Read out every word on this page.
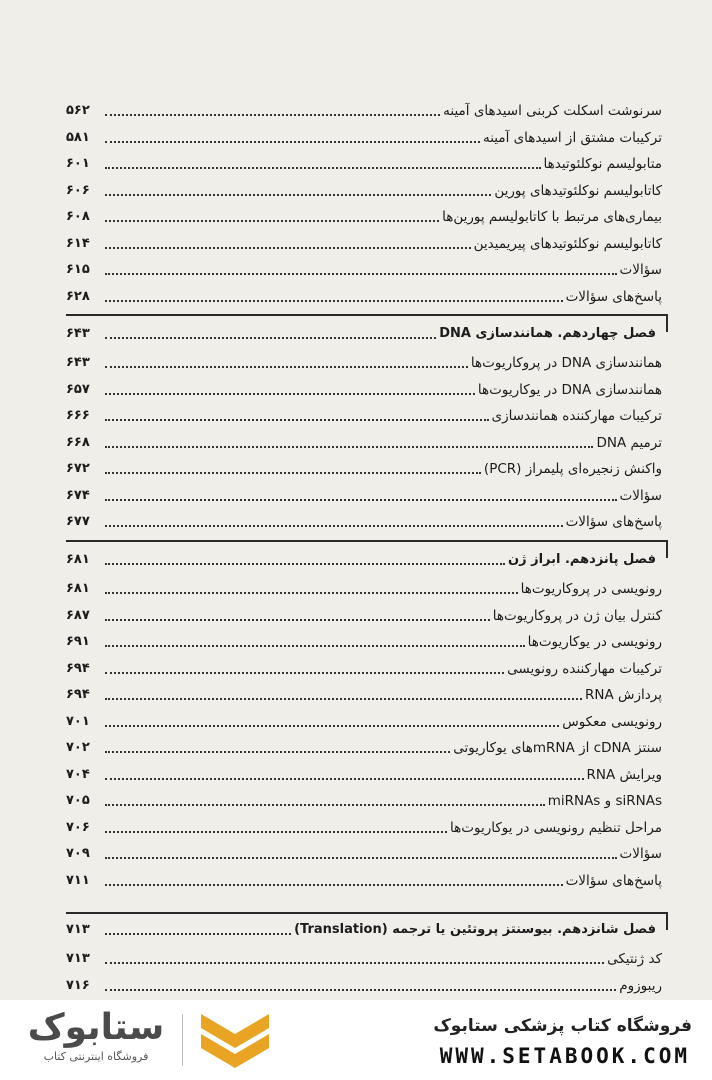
سرنوشت اسکلت کربنی اسیدهای آمینه
۵۶۲
ترکیبات مشتق از اسیدهای آمینه
۵۸۱
متابولیسم نوکلئوتیدها
۶۰۱
کاتابولیسم نوکلئوتیدهای پورین
۶۰۶
بیماری‌های مرتبط با کاتابولیسم پورین‌ها
۶۰۸
کاتابولیسم نوکلئوتیدهای پیریمیدین
۶۱۴
سؤالات
۶۱۵
پاسخ‌های سؤالات
۶۲۸
فصل چهاردهم. همانندسازی DNA
۶۴۳
همانندسازی DNA در پروکاریوت‌ها
۶۴۳
همانندسازی DNA در یوکاریوت‌ها
۶۵۷
ترکیبات مهارکننده همانندسازی
۶۶۶
ترمیم DNA
۶۶۸
واکنش زنجیره‌ای پلیمراز (PCR)
۶۷۲
سؤالات
۶۷۴
پاسخ‌های سؤالات
۶۷۷
فصل پانزدهم. ابراز ژن
۶۸۱
رونویسی در پروکاریوت‌ها
۶۸۱
کنترل بیان ژن در پروکاریوت‌ها
۶۸۷
رونویسی در یوکاریوت‌ها
۶۹۱
ترکیبات مهارکننده رونویسی
۶۹۴
پردازش RNA
۶۹۴
رونویسی معکوس
۷۰۱
سنتز cDNA از mRNAهای یوکاریوتی
۷۰۲
ویرایش RNA
۷۰۴
siRNAs و miRNAs
۷۰۵
مراحل تنظیم رونویسی در یوکاریوت‌ها
۷۰۶
سؤالات
۷۰۹
پاسخ‌های سؤالات
۷۱۱
فصل شانزدهم. بیوسنتز پروتئین یا ترجمه (Translation)
۷۱۳
کد ژنتیکی
۷۱۳
ریبوزوم
۷۱۶
ستابوک
فروشگاه اینترنتی کتاب
فروشگاه کتاب پزشکی ستابوک
WWW.SETABOOK.COM
